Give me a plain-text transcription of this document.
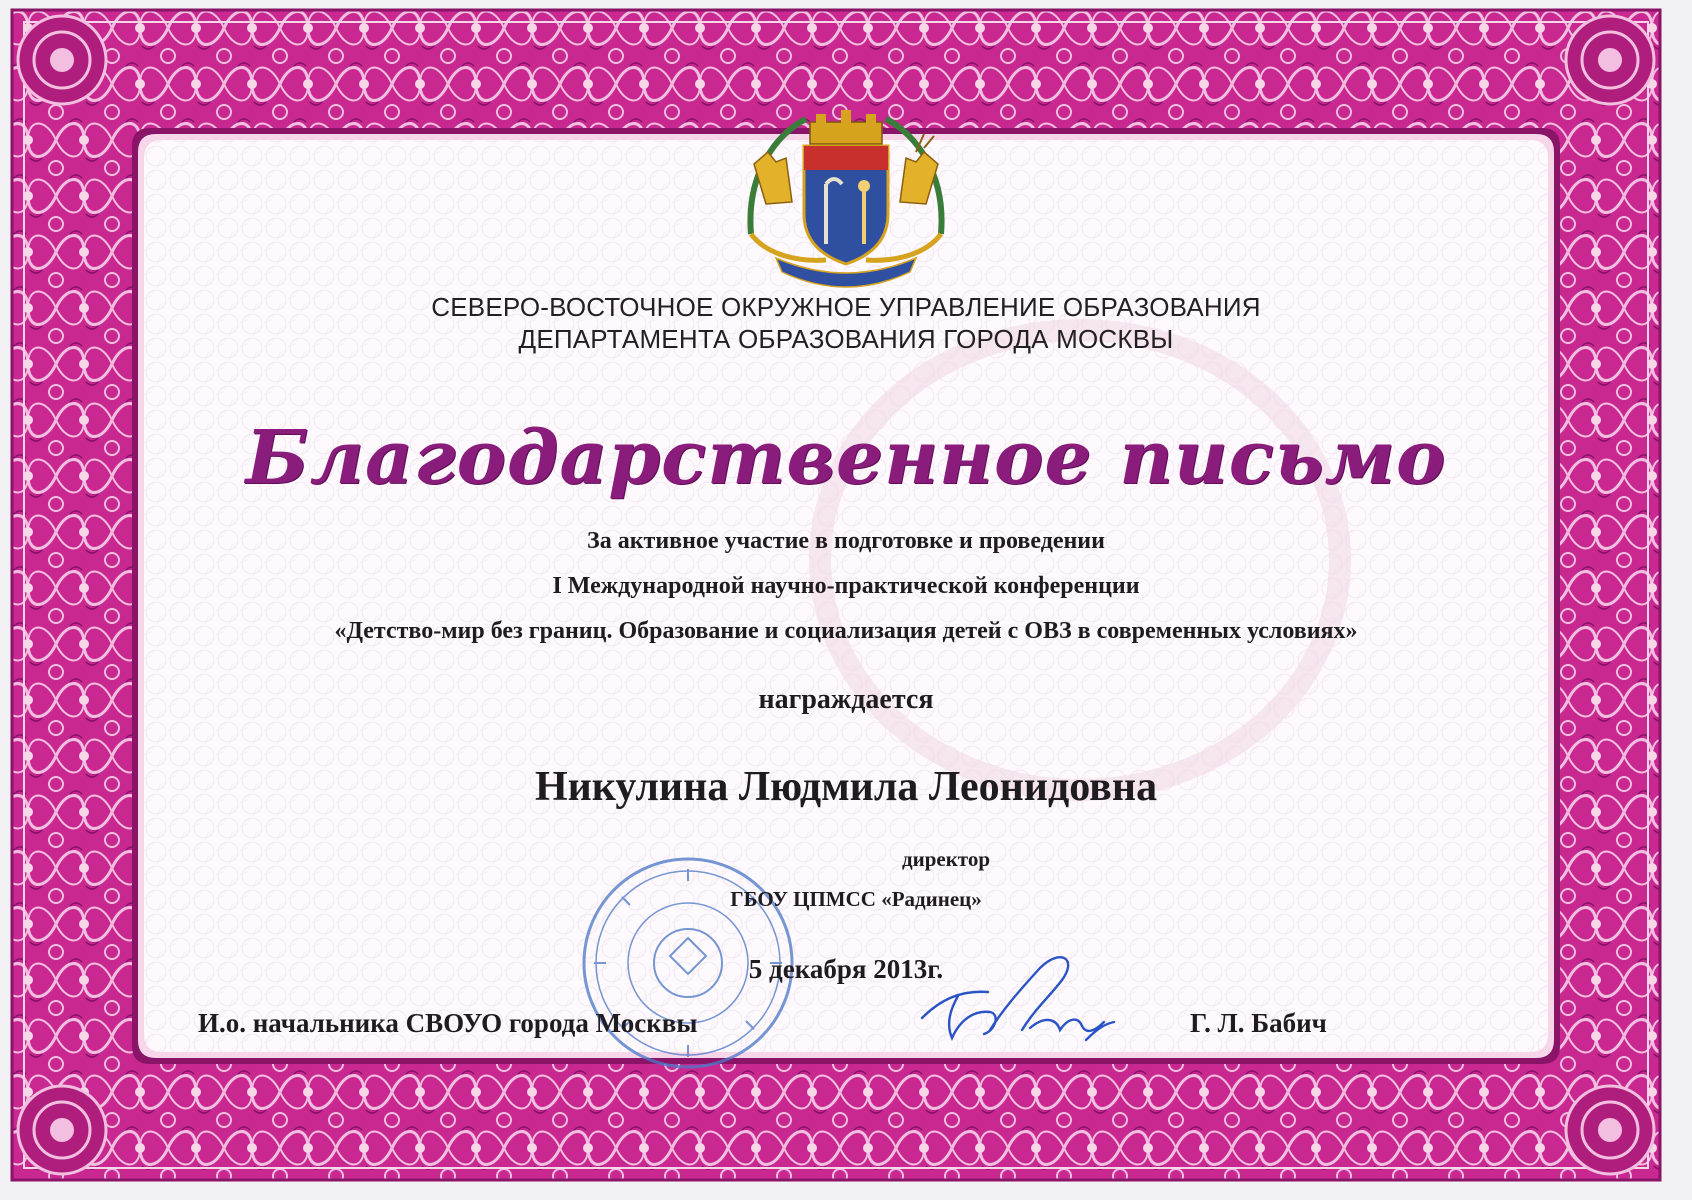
СЕВЕРО-ВОСТОЧНОЕ ОКРУЖНОЕ УПРАВЛЕНИЕ ОБРАЗОВАНИЯ
ДЕПАРТАМЕНТА ОБРАЗОВАНИЯ ГОРОДА МОСКВЫ
Благодарственное письмо
За активное участие в подготовке и проведении
I Международной научно-практической конференции
«Детство-мир без границ. Образование и социализация детей с ОВЗ в современных условиях»
награждается
Никулина Людмила Леонидовна
директор
ГБОУ ЦПМСС «Радинец»
5 декабря 2013г.
И.о. начальника СВОУО города Москвы	Г. Л. Бабич
